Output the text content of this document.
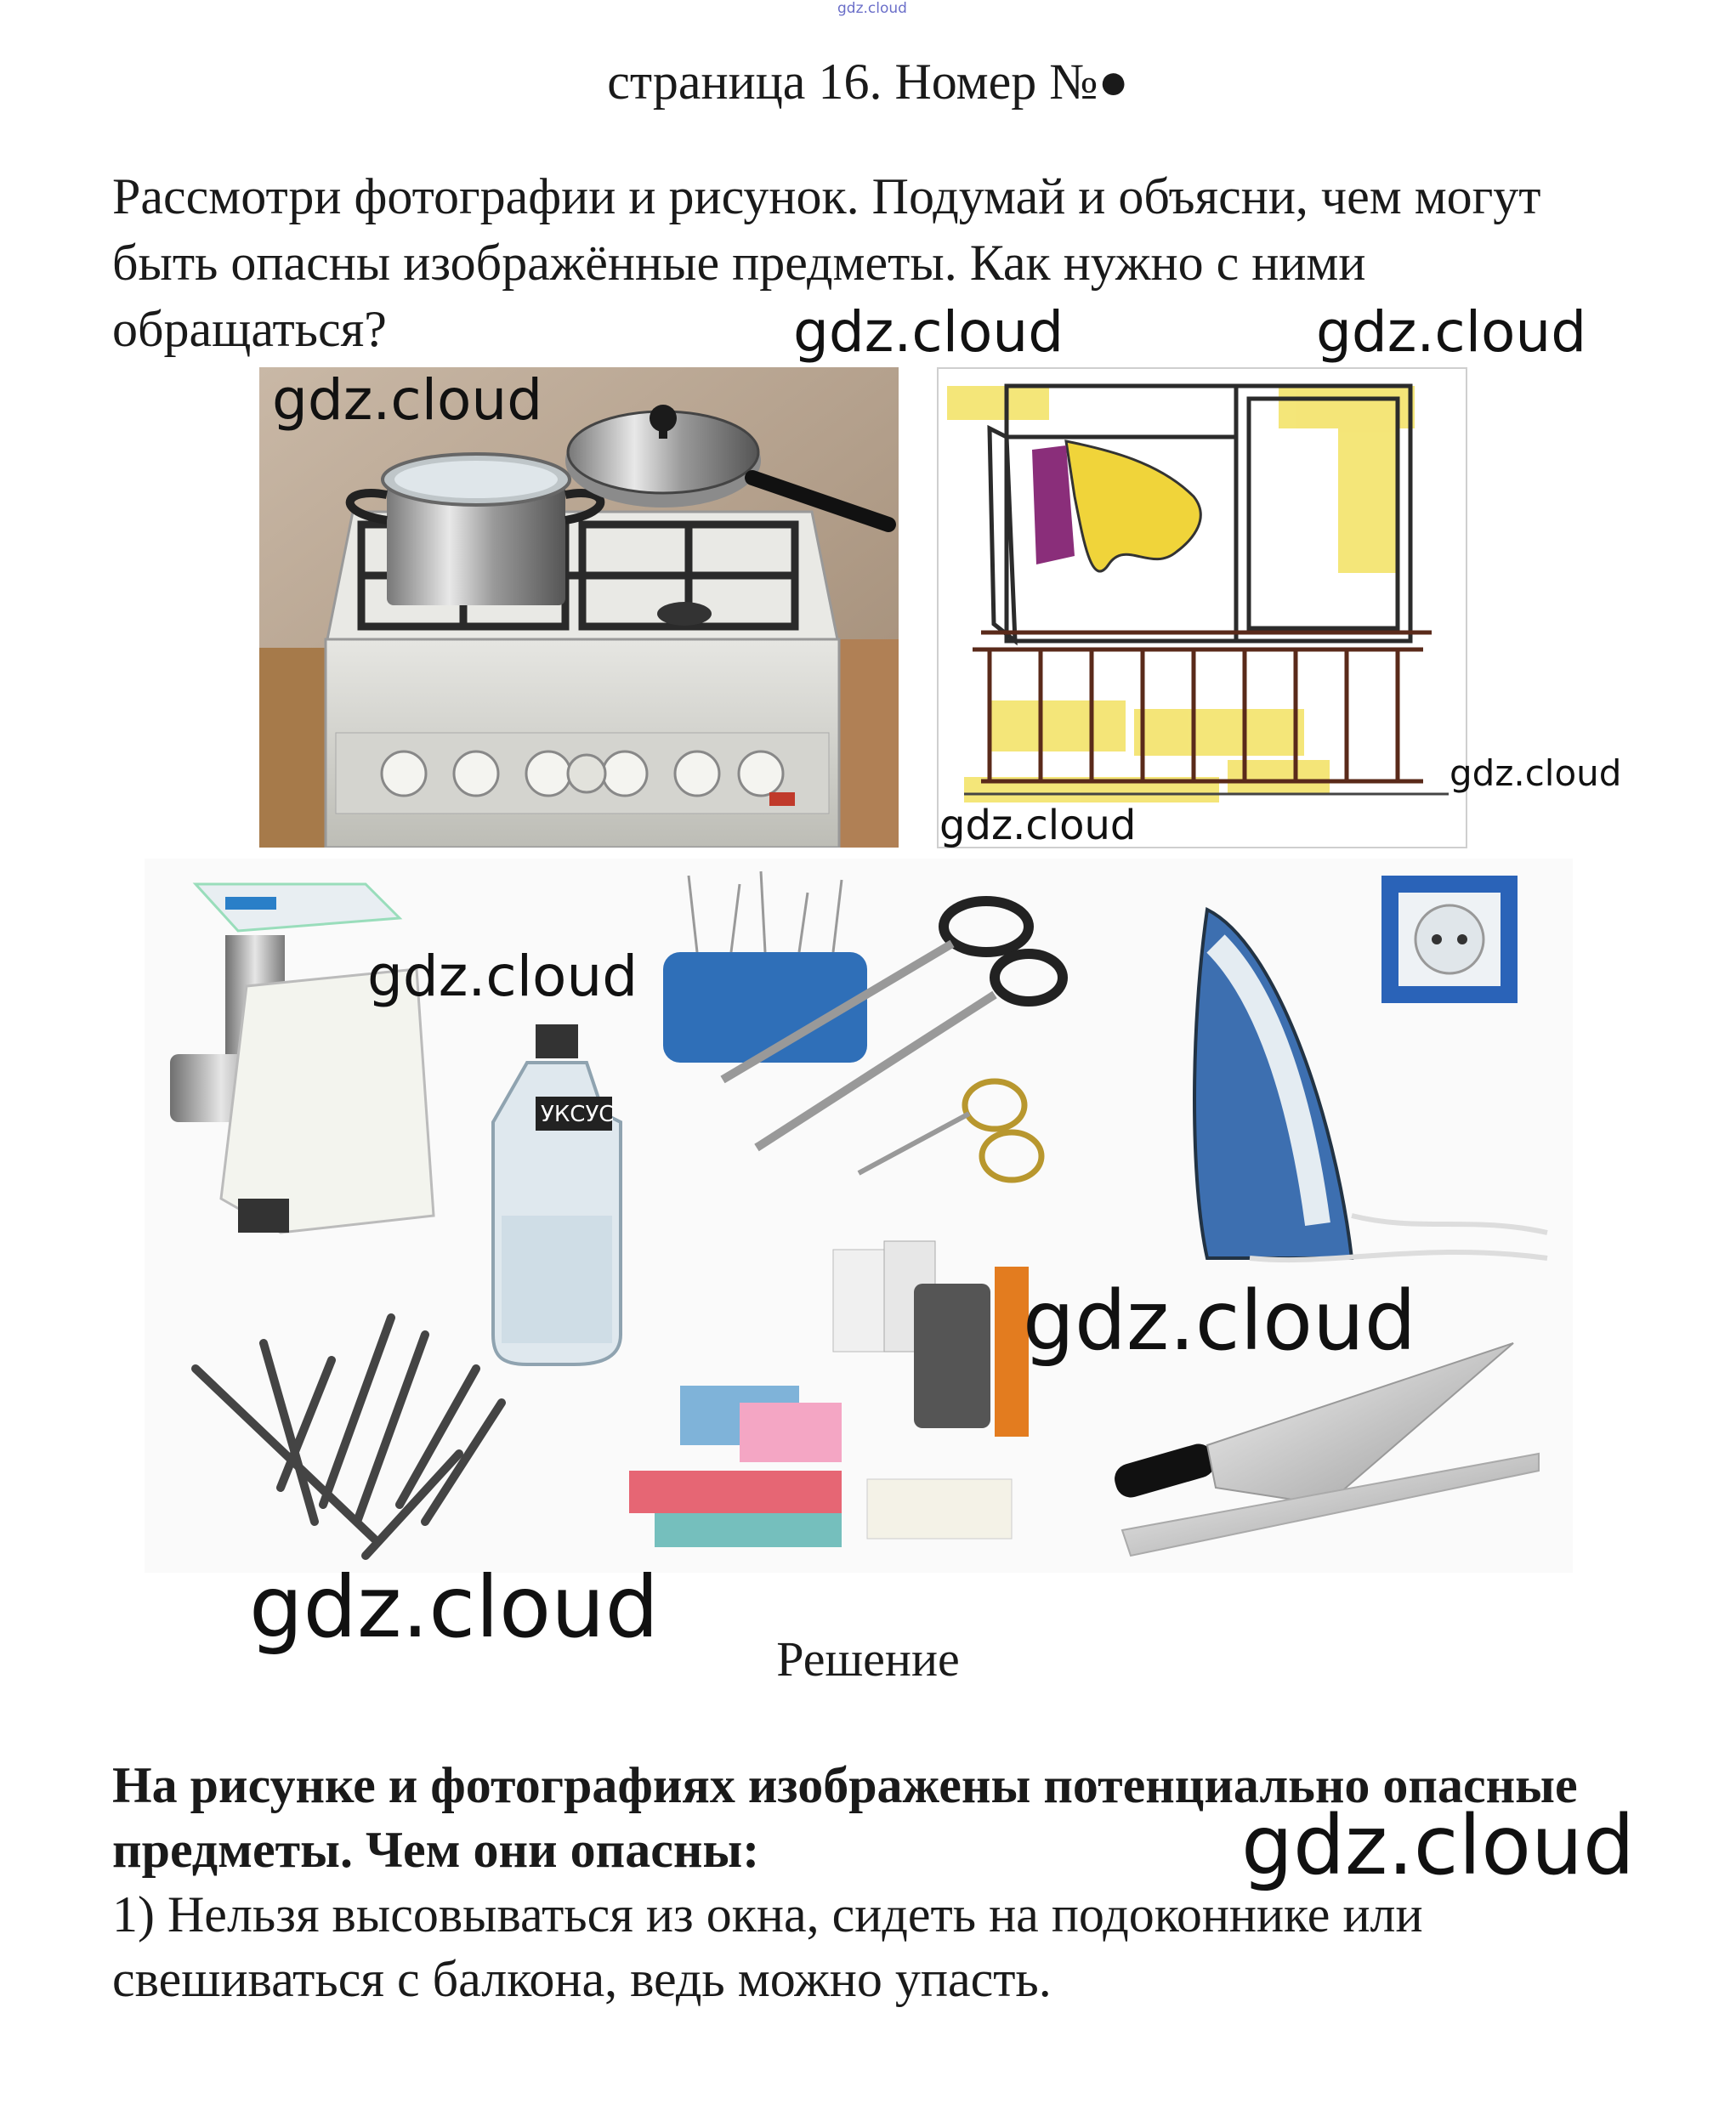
gdz.cloud
страница 16. Номер №●
Рассмотри фотографии и рисунок. Подумай и объясни, чем могут быть опасны изображённые предметы. Как нужно с ними обращаться?
УКСУС
gdz.cloud	gdz.cloud
gdz.cloud
gdz.cloud
gdz.cloud
gdz.cloud
gdz.cloud
gdz.cloud
Решение
На рисунке и фотографиях изображены потенциально опасные предметы. Чем они опасны:
1) Нельзя высовываться из окна, сидеть на подоконнике или свешиваться с балкона, ведь можно упасть.
gdz.cloud
